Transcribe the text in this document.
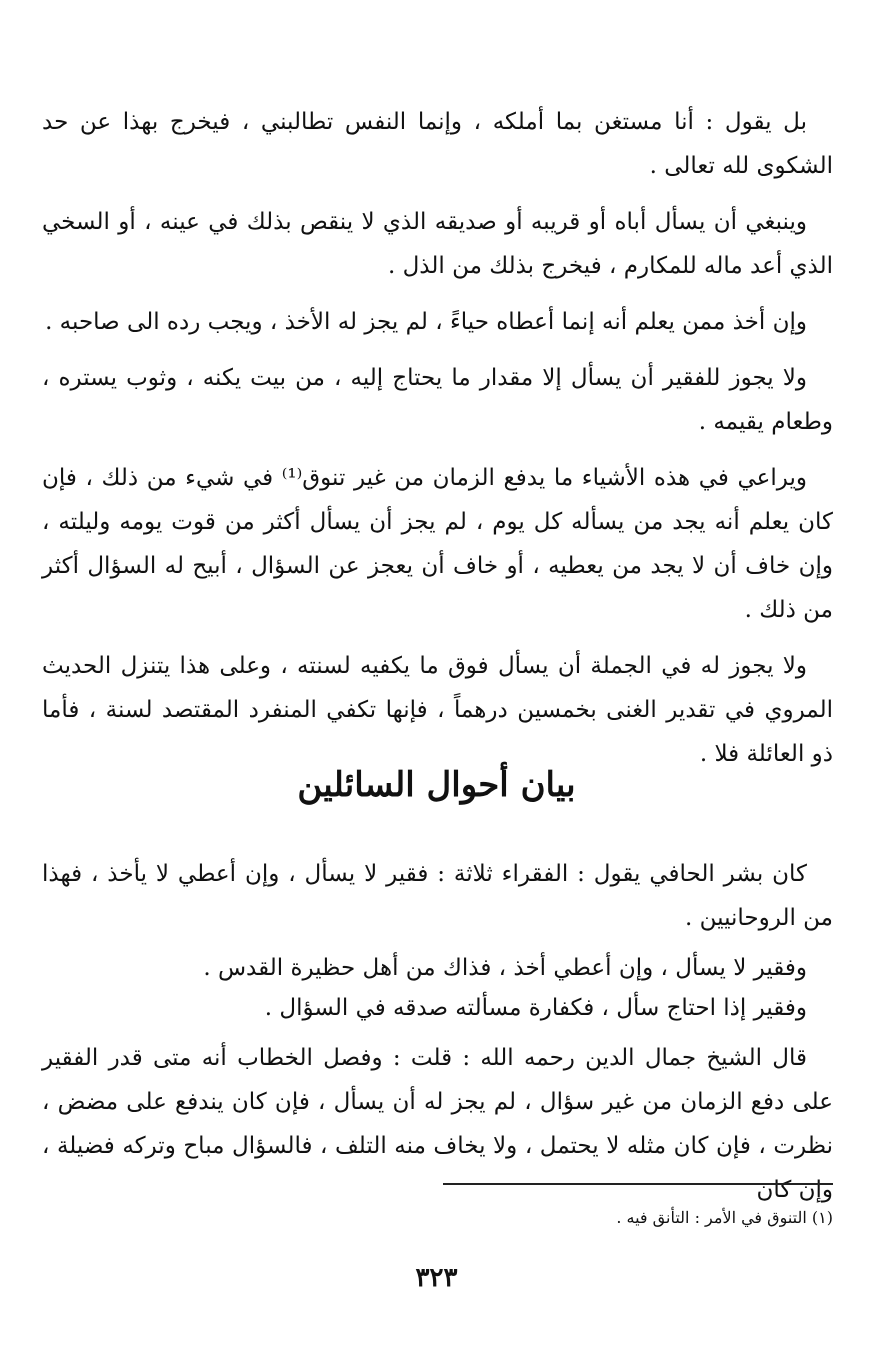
بل يقول : أنا مستغن بما أملكه ، وإنما النفس تطالبني ، فيخرج بهذا عن حد الشكوى لله تعالى .

وينبغي أن يسأل أباه أو قريبه أو صديقه الذي لا ينقص بذلك في عينه ، أو السخي الذي أعد ماله للمكارم ، فيخرج بذلك من الذل .

وإن أخذ ممن يعلم أنه إنما أعطاه حياءً ، لم يجز له الأخذ ، ويجب رده الى صاحبه .

ولا يجوز للفقير أن يسأل إلا مقدار ما يحتاج إليه ، من بيت يكنه ، وثوب يستره ، وطعام يقيمه .

ويراعي في هذه الأشياء ما يدفع الزمان من غير تنوق⁽¹⁾ في شيء من ذلك ، فإن كان يعلم أنه يجد من يسأله كل يوم ، لم يجز أن يسأل أكثر من قوت يومه وليلته ، وإن خاف أن لا يجد من يعطيه ، أو خاف أن يعجز عن السؤال ، أبيح له السؤال أكثر من ذلك .

ولا يجوز له في الجملة أن يسأل فوق ما يكفيه لسنته ، وعلى هذا يتنزل الحديث المروي في تقدير الغنى بخمسين درهماً ، فإنها تكفي المنفرد المقتصد لسنة ، فأما ذو العائلة فلا .

بيان أحوال السائلين

كان بشر الحافي يقول : الفقراء ثلاثة : فقير لا يسأل ، وإن أعطي لا يأخذ ، فهذا من الروحانيين .

وفقير لا يسأل ، وإن أعطي أخذ ، فذاك من أهل حظيرة القدس .

وفقير إذا احتاج سأل ، فكفارة مسألته صدقه في السؤال .

قال الشيخ جمال الدين رحمه الله : قلت : وفصل الخطاب أنه متى قدر الفقير على دفع الزمان من غير سؤال ، لم يجز له أن يسأل ، فإن كان يندفع على مضض ، نظرت ، فإن كان مثله لا يحتمل ، ولا يخاف منه التلف ، فالسؤال مباح وتركه فضيلة ، وإن كان

(١) التنوق في الأمر : التأنق فيه .

٣٢٣
